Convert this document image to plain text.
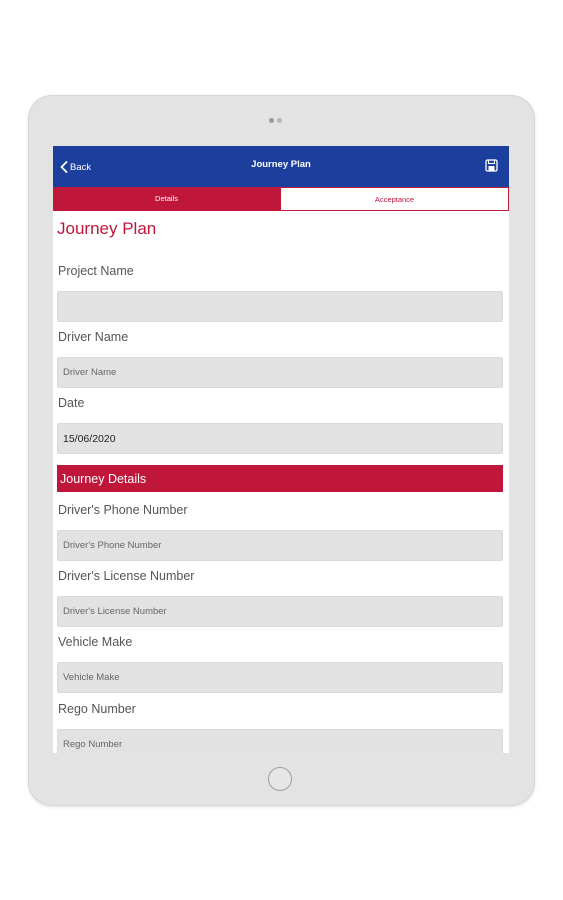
Back	Journey Plan
Details	Acceptance
Journey Plan
Project Name
Driver Name
Driver Name
Date
15/06/2020
Journey Details
Driver's Phone Number
Driver's Phone Number
Driver's License Number
Driver's License Number
Vehicle Make
Vehicle Make
Rego Number
Rego Number
